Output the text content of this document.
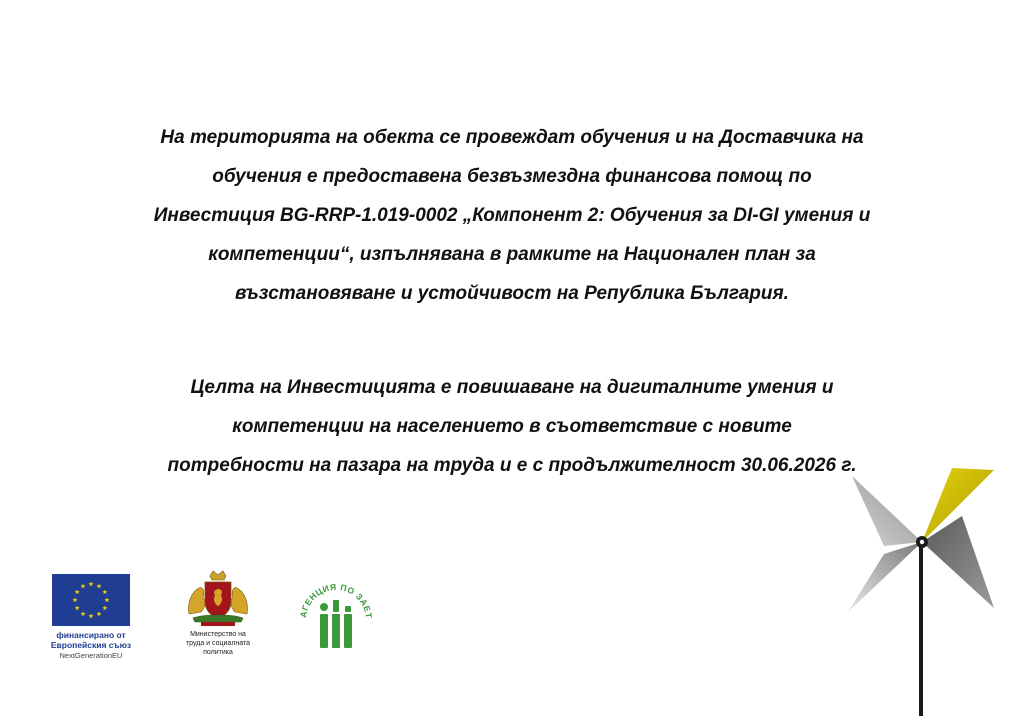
На територията на обекта се провеждат обучения и на Доставчика на
обучения е предоставена безвъзмездна финансова помощ по
Инвестиция BG-RRP-1.019-0002 „Компонент 2: Обучения за DI-GI умения и
компетенции“, изпълнявана в рамките на Национален план за
възстановяване и устойчивост на Република България.
Целта на Инвестицията е повишаване на дигиталните умения и
компетенции на населението в съответствие с новите
потребности на пазара на труда и е с продължителност 30.06.2026 г.
финансирано от
Европейския съюз
NextGenerationEU
Министерство на
труда и социалната
политика
АГЕНЦИЯ ПО ЗАЕТ
